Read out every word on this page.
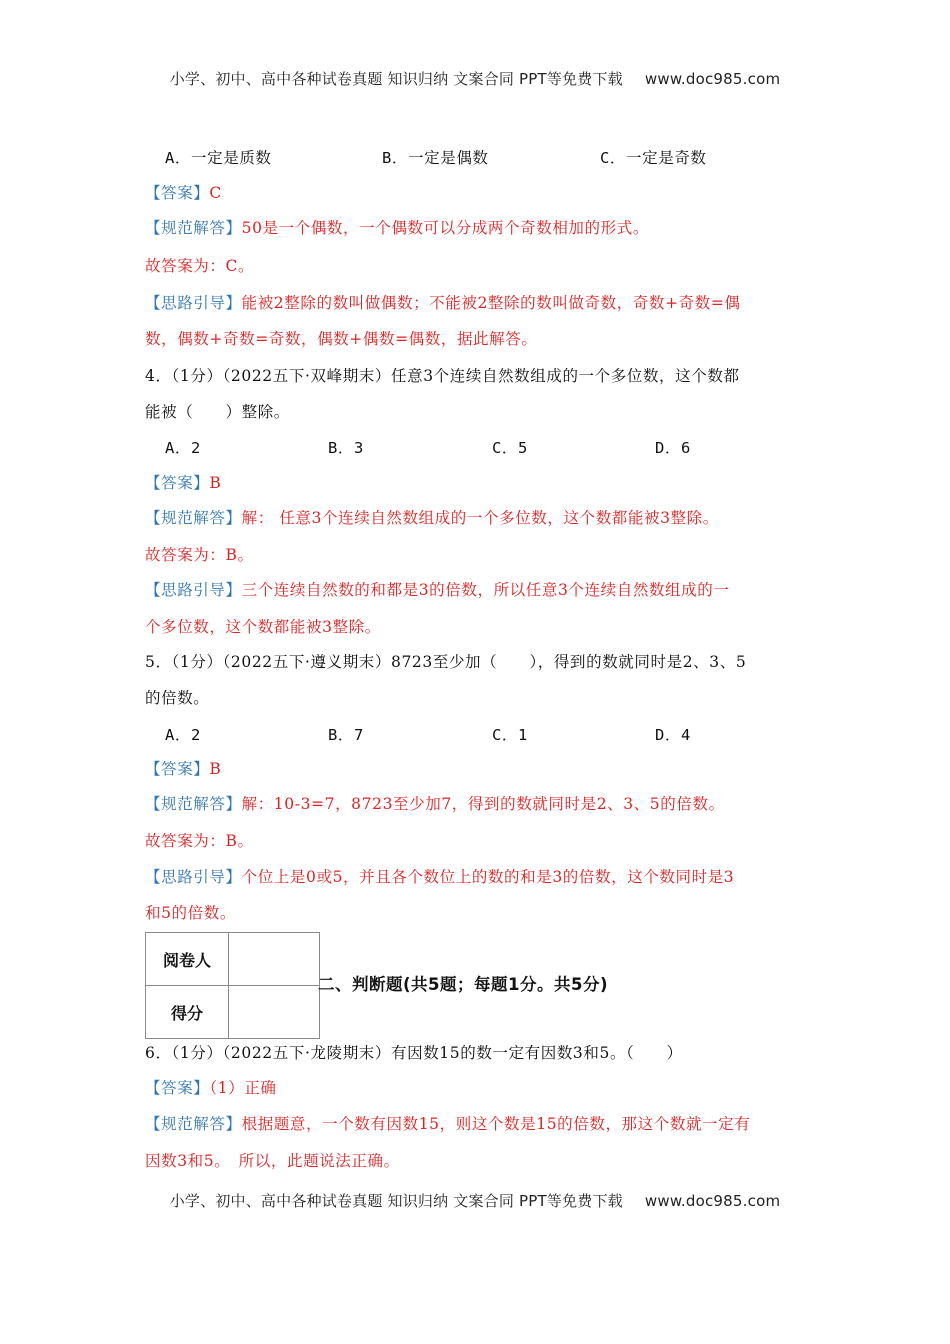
小学、初中、高中各种试卷真题 知识归纳 文案合同 PPT等免费下载 www.doc985.com
A．一定是质数	B．一定是偶数	C．一定是奇数
【答案】C
【规范解答】50是一个偶数，一个偶数可以分成两个奇数相加的形式。
故答案为：C。
【思路引导】能被2整除的数叫做偶数；不能被2整除的数叫做奇数，奇数+奇数=偶
数，偶数+奇数=奇数，偶数+偶数=偶数，据此解答。
4．（1分）（2022五下·双峰期末）任意3个连续自然数组成的一个多位数，这个数都
能被（　　）整除。
A．2	B．3	C．5	D．6
【答案】B
【规范解答】解： 任意3个连续自然数组成的一个多位数，这个数都能被3整除。
故答案为：B。
【思路引导】三个连续自然数的和都是3的倍数，所以任意3个连续自然数组成的一
个多位数，这个数都能被3整除。
5．（1分）（2022五下·遵义期末）8723至少加（　　），得到的数就同时是2、3、5
的倍数。
A．2	B．7	C．1	D．4
【答案】B
【规范解答】解：10-3=7，8723至少加7，得到的数就同时是2、3、5的倍数。
故答案为：B。
【思路引导】个位上是0或5，并且各个数位上的数的和是3的倍数，这个数同时是3
和5的倍数。
阅卷人	
得分	
二、判断题(共5题；每题1分。共5分)
6．（1分）（2022五下·龙陵期末）有因数15的数一定有因数3和5。（　　）
【答案】（1）正确
【规范解答】根据题意，一个数有因数15，则这个数是15的倍数，那这个数就一定有
因数3和5。　所以，此题说法正确。
小学、初中、高中各种试卷真题 知识归纳 文案合同 PPT等免费下载 www.doc985.com
